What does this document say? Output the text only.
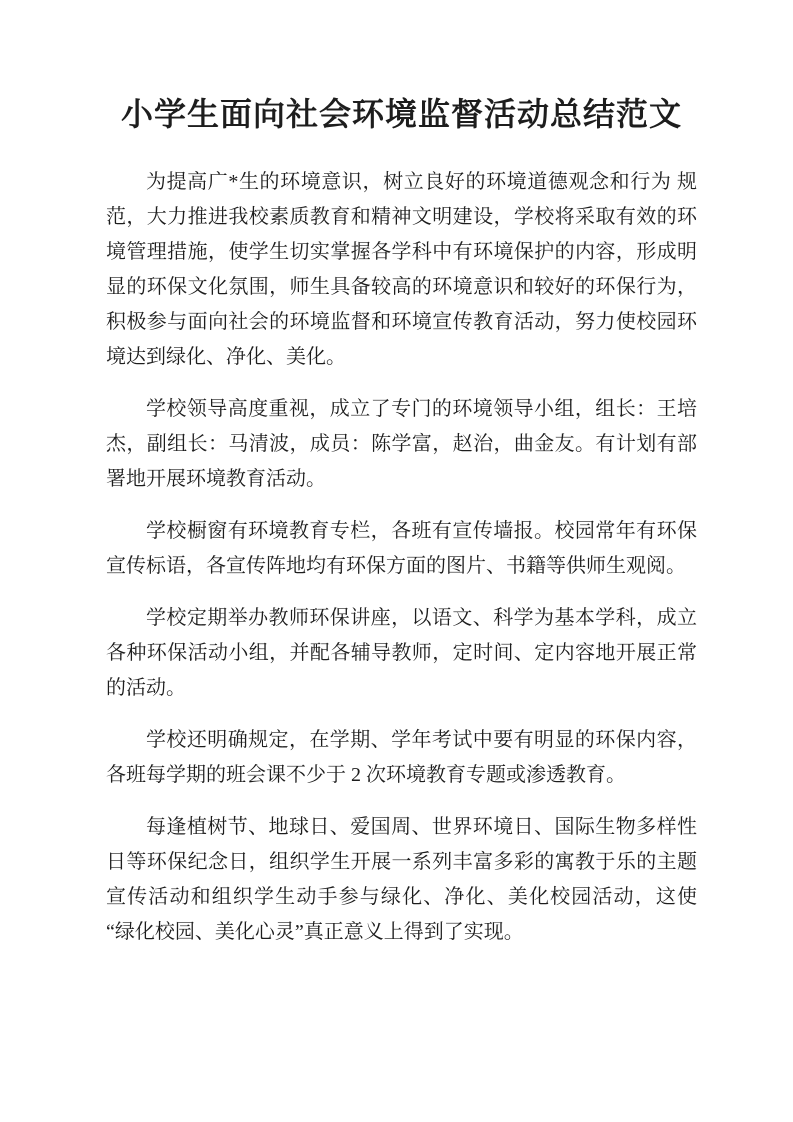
小学生面向社会环境监督活动总结范文

为提高广*生的环境意识，树立良好的环境道德观念和行为 规
范，大力推进我校素质教育和精神文明建设，学校将采取有效的环
境管理措施，使学生切实掌握各学科中有环境保护的内容，形成明
显的环保文化氛围，师生具备较高的环境意识和较好的环保行为，
积极参与面向社会的环境监督和环境宣传教育活动，努力使校园环
境达到绿化、净化、美化。

学校领导高度重视，成立了专门的环境领导小组，组长：王培
杰，副组长：马清波，成员：陈学富，赵治，曲金友。有计划有部
署地开展环境教育活动。

学校橱窗有环境教育专栏，各班有宣传墙报。校园常年有环保
宣传标语，各宣传阵地均有环保方面的图片、书籍等供师生观阅。

学校定期举办教师环保讲座，以语文、科学为基本学科，成立
各种环保活动小组，并配各辅导教师，定时间、定内容地开展正常
的活动。

学校还明确规定，在学期、学年考试中要有明显的环保内容，
各班每学期的班会课不少于 2 次环境教育专题或渗透教育。

每逢植树节、地球日、爱国周、世界环境日、国际生物多样性
日等环保纪念日，组织学生开展一系列丰富多彩的寓教于乐的主题
宣传活动和组织学生动手参与绿化、净化、美化校园活动，这使
“绿化校园、美化心灵”真正意义上得到了实现。
